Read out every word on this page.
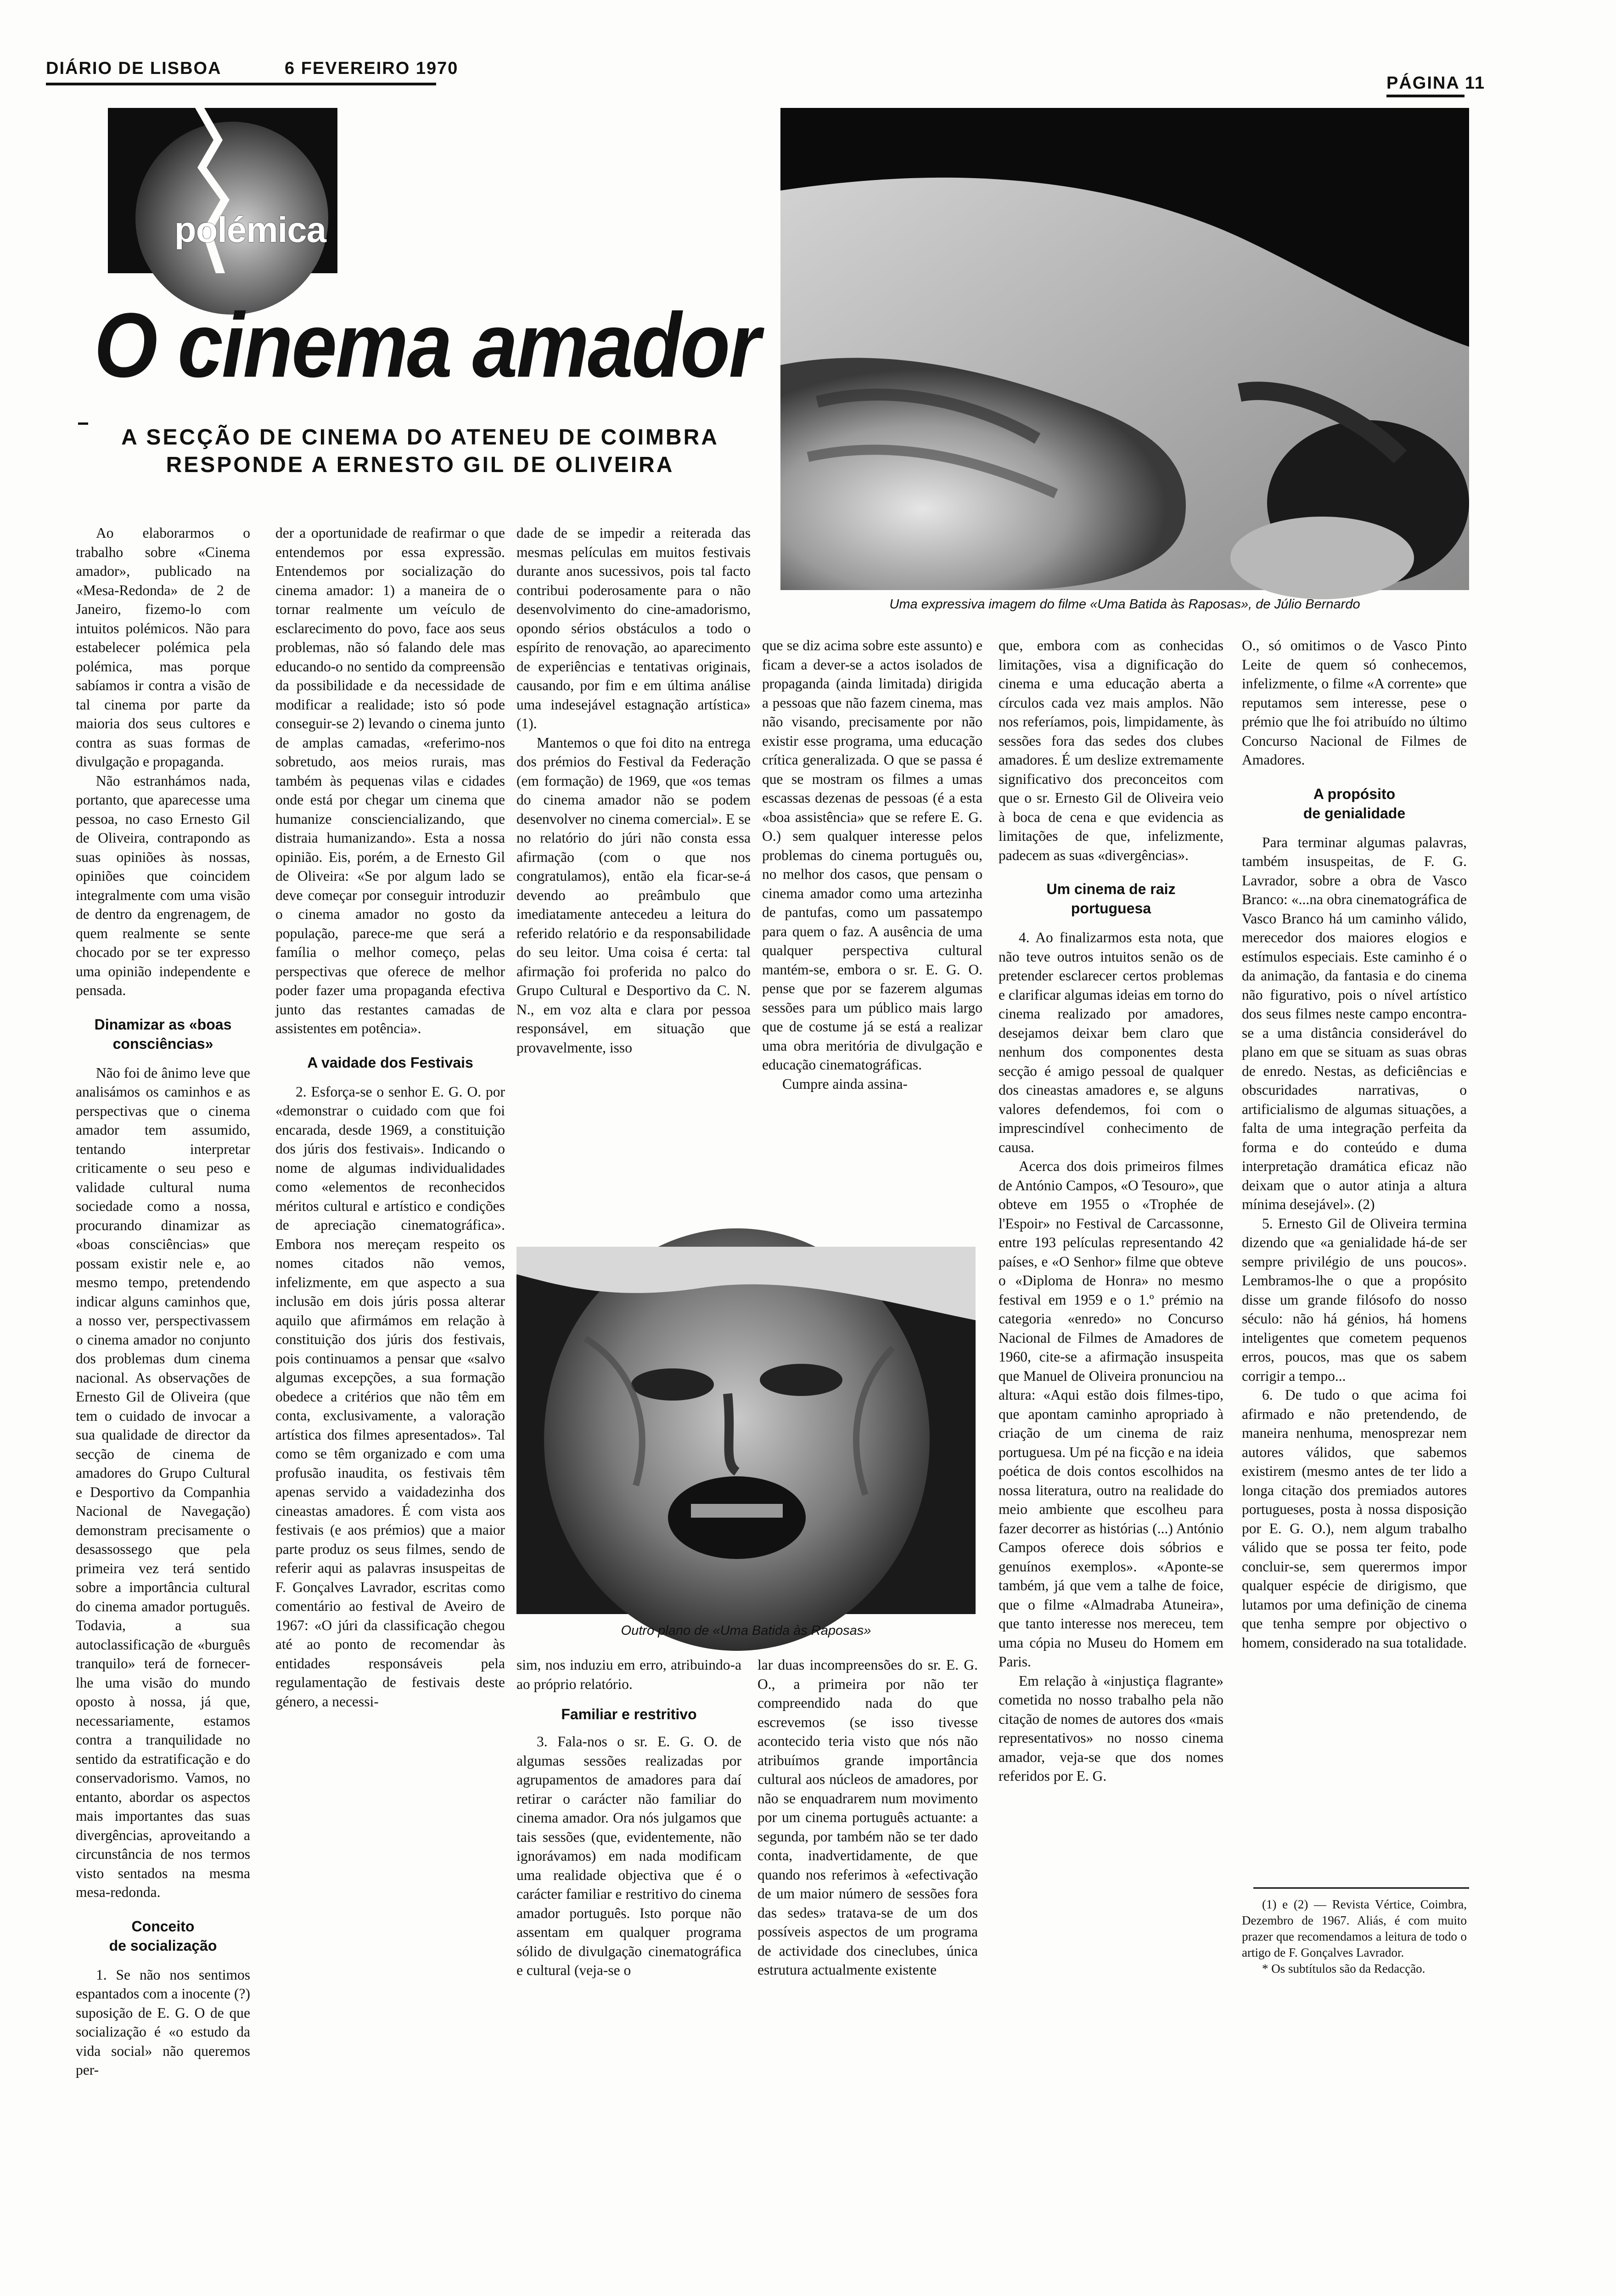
DIÁRIO DE LISBOA	6 FEVEREIRO 1970
PÁGINA 11
polémica
O cinema amador
A SECÇÃO DE CINEMA DO ATENEU DE COIMBRA
RESPONDE A ERNESTO GIL DE OLIVEIRA
Uma expressiva imagem do filme «Uma Batida às Raposas», de Júlio Bernardo
Outro plano de «Uma Batida às Raposas»

Ao elaborarmos o trabalho sobre «Cinema amador», publicado na «Mesa-Redonda» de 2 de Janeiro, fizemo-lo com intuitos polémicos. Não para estabelecer polémica pela polémica, mas porque sabíamos ir contra a visão de tal cinema por parte da maioria dos seus cultores e contra as suas formas de divulgação e propaganda.

Não estranhámos nada, portanto, que aparecesse uma pessoa, no caso Ernesto Gil de Oliveira, contrapondo as suas opiniões às nossas, opiniões que coincidem integralmente com uma visão de dentro da engrenagem, de quem realmente se sente chocado por se ter expresso uma opinião independente e pensada.

Dinamizar as «boas
consciências»

Não foi de ânimo leve que analisámos os caminhos e as perspectivas que o cinema amador tem assumido, tentando interpretar criticamente o seu peso e validade cultural numa sociedade como a nossa, procurando dinamizar as «boas consciências» que possam existir nele e, ao mesmo tempo, pretendendo indicar alguns caminhos que, a nosso ver, perspectivassem o cinema amador no conjunto dos problemas dum cinema nacional. As observações de Ernesto Gil de Oliveira (que tem o cuidado de invocar a sua qualidade de director da secção de cinema de amadores do Grupo Cultural e Desportivo da Companhia Nacional de Navegação) demonstram precisamente o desassossego que pela primeira vez terá sentido sobre a importância cultural do cinema amador português. Todavia, a sua autoclassificação de «burguês tranquilo» terá de fornecer-lhe uma visão do mundo oposto à nossa, já que, necessariamente, estamos contra a tranquilidade no sentido da estratificação e do conservadorismo. Vamos, no entanto, abordar os aspectos mais importantes das suas divergências, aproveitando a circunstância de nos termos visto sentados na mesma mesa-redonda.

Conceito
de socialização

1. Se não nos sentimos espantados com a inocente (?) suposição de E. G. O de que socialização é «o estudo da vida social» não queremos per-

der a oportunidade de reafirmar o que entendemos por essa expressão. Entendemos por socialização do cinema amador: 1) a maneira de o tornar realmente um veículo de esclarecimento do povo, face aos seus problemas, não só falando dele mas educando-o no sentido da compreensão da possibilidade e da necessidade de modificar a realidade; isto só pode conseguir-se 2) levando o cinema junto de amplas camadas, «referimo-nos sobretudo, aos meios rurais, mas também às pequenas vilas e cidades onde está por chegar um cinema que humanize consciencializando, que distraia humanizando». Esta a nossa opinião. Eis, porém, a de Ernesto Gil de Oliveira: «Se por algum lado se deve começar por conseguir introduzir o cinema amador no gosto da população, parece-me que será a família o melhor começo, pelas perspectivas que oferece de melhor poder fazer uma propaganda efectiva junto das restantes camadas de assistentes em potência».

A vaidade dos Festivais

2. Esforça-se o senhor E. G. O. por «demonstrar o cuidado com que foi encarada, desde 1969, a constituição dos júris dos festivais». Indicando o nome de algumas individualidades como «elementos de reconhecidos méritos cultural e artístico e condições de apreciação cinematográfica». Embora nos mereçam respeito os nomes citados não vemos, infelizmente, em que aspecto a sua inclusão em dois júris possa alterar aquilo que afirmámos em relação à constituição dos júris dos festivais, pois continuamos a pensar que «salvo algumas excepções, a sua formação obedece a critérios que não têm em conta, exclusivamente, a valoração artística dos filmes apresentados». Tal como se têm organizado e com uma profusão inaudita, os festivais têm apenas servido a vaidadezinha dos cineastas amadores. É com vista aos festivais (e aos prémios) que a maior parte produz os seus filmes, sendo de referir aqui as palavras insuspeitas de F. Gonçalves Lavrador, escritas como comentário ao festival de Aveiro de 1967: «O júri da classificação chegou até ao ponto de recomendar às entidades responsáveis pela regulamentação de festivais deste género, a necessi-

dade de se impedir a reiterada das mesmas películas em muitos festivais durante anos sucessivos, pois tal facto contribui poderosamente para o não desenvolvimento do cine-amadorismo, opondo sérios obstáculos a todo o espírito de renovação, ao aparecimento de experiências e tentativas originais, causando, por fim e em última análise uma indesejável estagnação artística» (1).

Mantemos o que foi dito na entrega dos prémios do Festival da Federação (em formação) de 1969, que «os temas do cinema amador não se podem desenvolver no cinema comercial». E se no relatório do júri não consta essa afirmação (com o que nos congratulamos), então ela ficar-se-á devendo ao preâmbulo que imediatamente antecedeu a leitura do referido relatório e da responsabilidade do seu leitor. Uma coisa é certa: tal afirmação foi proferida no palco do Grupo Cultural e Desportivo da C. N. N., em voz alta e clara por pessoa responsável, em situação que provavelmente, isso

que se diz acima sobre este assunto) e ficam a dever-se a actos isolados de propaganda (ainda limitada) dirigida a pessoas que não fazem cinema, mas não visando, precisamente por não existir esse programa, uma educação crítica generalizada. O que se passa é que se mostram os filmes a umas escassas dezenas de pessoas (é a esta «boa assistência» que se refere E. G. O.) sem qualquer interesse pelos problemas do cinema português ou, no melhor dos casos, que pensam o cinema amador como uma artezinha de pantufas, como um passatempo para quem o faz. A ausência de uma qualquer perspectiva cultural mantém-se, embora o sr. E. G. O. pense que por se fazerem algumas sessões para um público mais largo que de costume já se está a realizar uma obra meritória de divulgação e educação cinematográficas.

Cumpre ainda assina-

sim, nos induziu em erro, atribuindo-a ao próprio relatório.

Familiar e restritivo

3. Fala-nos o sr. E. G. O. de algumas sessões realizadas por agrupamentos de amadores para daí retirar o carácter não familiar do cinema amador. Ora nós julgamos que tais sessões (que, evidentemente, não ignorávamos) em nada modificam uma realidade objectiva que é o carácter familiar e restritivo do cinema amador português. Isto porque não assentam em qualquer programa sólido de divulgação cinematográfica e cultural (veja-se o

lar duas incompreensões do sr. E. G. O., a primeira por não ter compreendido nada do que escrevemos (se isso tivesse acontecido teria visto que nós não atribuímos grande importância cultural aos núcleos de amadores, por não se enquadrarem num movimento por um cinema português actuante: a segunda, por também não se ter dado conta, inadvertidamente, de que quando nos referimos à «efectivação de um maior número de sessões fora das sedes» tratava-se de um dos possíveis aspectos de um programa de actividade dos cineclubes, única estrutura actualmente existente

que, embora com as conhecidas limitações, visa a dignificação do cinema e uma educação aberta a círculos cada vez mais amplos. Não nos referíamos, pois, limpidamente, às sessões fora das sedes dos clubes amadores. É um deslize extremamente significativo dos preconceitos com que o sr. Ernesto Gil de Oliveira veio à boca de cena e que evidencia as limitações de que, infelizmente, padecem as suas «divergências».

Um cinema de raiz
portuguesa

4. Ao finalizarmos esta nota, que não teve outros intuitos senão os de pretender esclarecer certos problemas e clarificar algumas ideias em torno do cinema realizado por amadores, desejamos deixar bem claro que nenhum dos componentes desta secção é amigo pessoal de qualquer dos cineastas amadores e, se alguns valores defendemos, foi com o imprescindível conhecimento de causa.

Acerca dos dois primeiros filmes de António Campos, «O Tesouro», que obteve em 1955 o «Trophée de l'Espoir» no Festival de Carcassonne, entre 193 películas representando 42 países, e «O Senhor» filme que obteve o «Diploma de Honra» no mesmo festival em 1959 e o 1.º prémio na categoria «enredo» no Concurso Nacional de Filmes de Amadores de 1960, cite-se a afirmação insuspeita que Manuel de Oliveira pronunciou na altura: «Aqui estão dois filmes-tipo, que apontam caminho apropriado à criação de um cinema de raiz portuguesa. Um pé na ficção e na ideia poética de dois contos escolhidos na nossa literatura, outro na realidade do meio ambiente que escolheu para fazer decorrer as histórias (...) António Campos oferece dois sóbrios e genuínos exemplos». «Aponte-se também, já que vem a talhe de foice, que o filme «Almadraba Atuneira», que tanto interesse nos mereceu, tem uma cópia no Museu do Homem em Paris.

Em relação à «injustiça flagrante» cometida no nosso trabalho pela não citação de nomes de autores dos «mais representativos» no nosso cinema amador, veja-se que dos nomes referidos por E. G.

O., só omitimos o de Vasco Pinto Leite de quem só conhecemos, infelizmente, o filme «A corrente» que reputamos sem interesse, pese o prémio que lhe foi atribuído no último Concurso Nacional de Filmes de Amadores.

A propósito
de genialidade

Para terminar algumas palavras, também insuspeitas, de F. G. Lavrador, sobre a obra de Vasco Branco: «...na obra cinematográfica de Vasco Branco há um caminho válido, merecedor dos maiores elogios e estímulos especiais. Este caminho é o da animação, da fantasia e do cinema não figurativo, pois o nível artístico dos seus filmes neste campo encontra-se a uma distância considerável do plano em que se situam as suas obras de enredo. Nestas, as deficiências e obscuridades narrativas, o artificialismo de algumas situações, a falta de uma integração perfeita da forma e do conteúdo e duma interpretação dramática eficaz não deixam que o autor atinja a altura mínima desejável». (2)

5. Ernesto Gil de Oliveira termina dizendo que «a genialidade há-de ser sempre privilégio de uns poucos». Lembramos-lhe o que a propósito disse um grande filósofo do nosso século: não há génios, há homens inteligentes que cometem pequenos erros, poucos, mas que os sabem corrigir a tempo...

6. De tudo o que acima foi afirmado e não pretendendo, de maneira nenhuma, menosprezar nem autores válidos, que sabemos existirem (mesmo antes de ter lido a longa citação dos premiados autores portugueses, posta à nossa disposição por E. G. O.), nem algum trabalho válido que se possa ter feito, pode concluir-se, sem querermos impor qualquer espécie de dirigismo, que lutamos por uma definição de cinema que tenha sempre por objectivo o homem, considerado na sua totalidade.

(1) e (2) — Revista Vértice, Coimbra, Dezembro de 1967. Aliás, é com muito prazer que recomendamos a leitura de todo o artigo de F. Gonçalves Lavrador.

* Os subtítulos são da Redacção.
